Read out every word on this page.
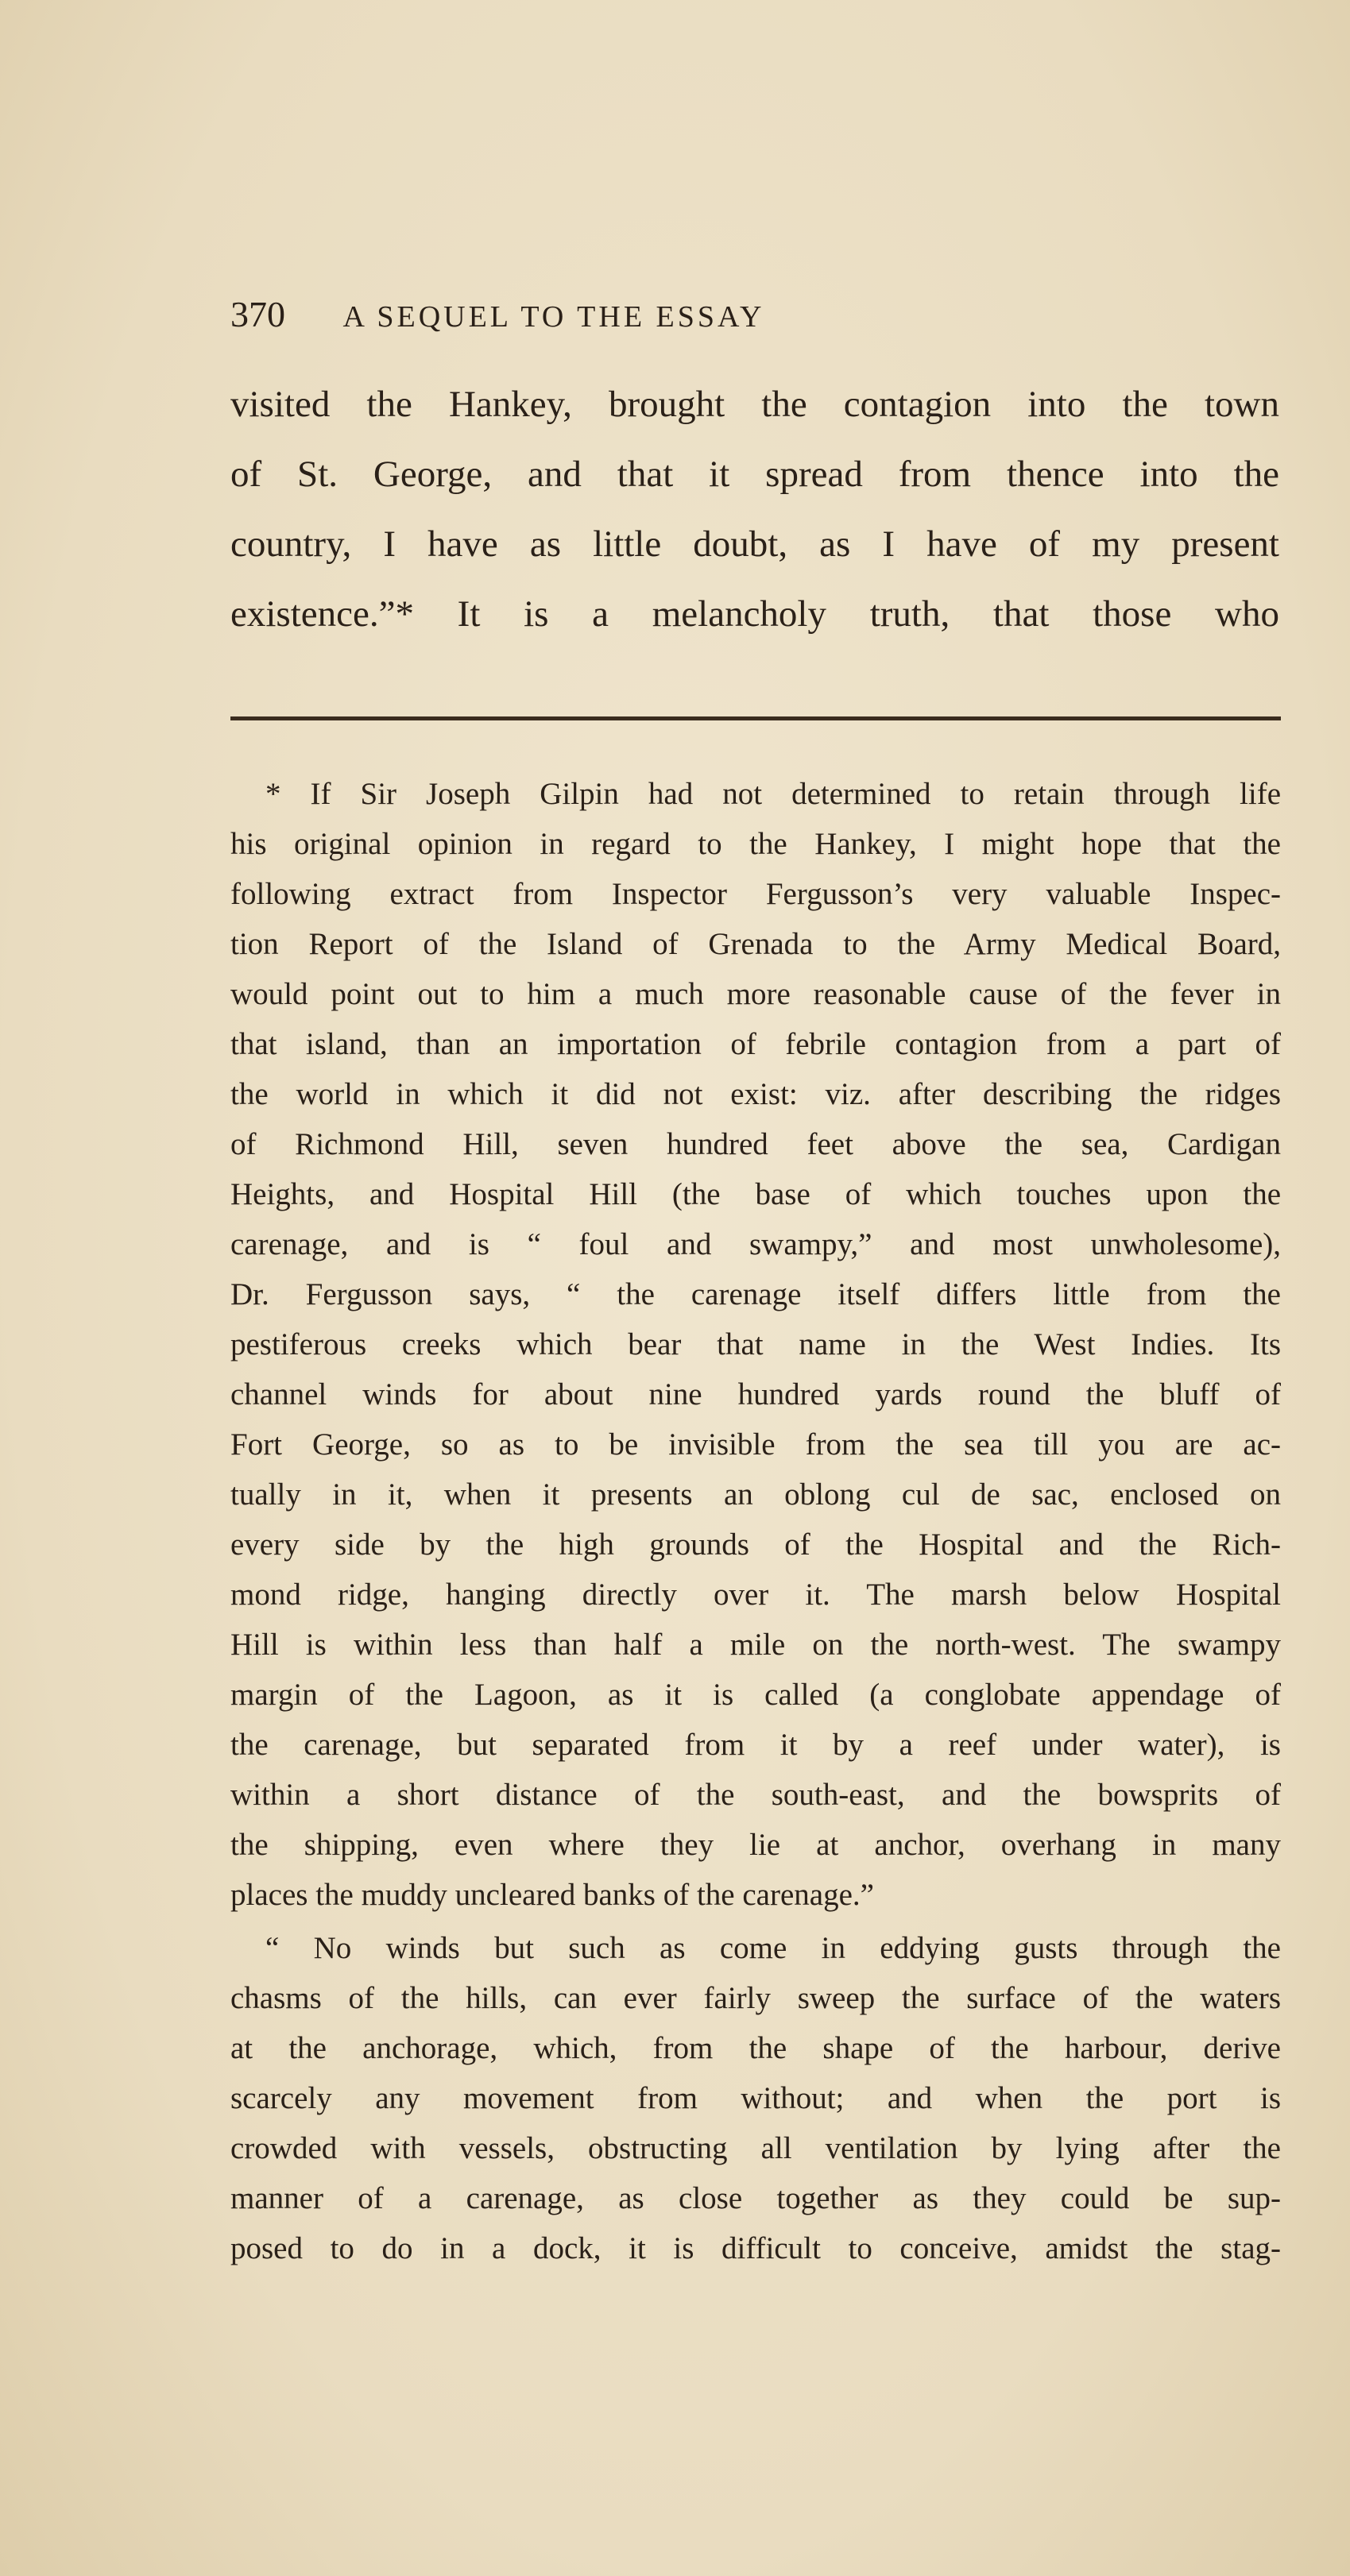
370 A SEQUEL TO THE ESSAY
visited the Hankey, brought the contagion into the town
of St. George, and that it spread from thence into the
country, I have as little doubt, as I have of my present
existence.”* It is a melancholy truth, that those who
* If Sir Joseph Gilpin had not determined to retain through life
his original opinion in regard to the Hankey, I might hope that the
following extract from Inspector Fergusson’s very valuable Inspec-
tion Report of the Island of Grenada to the Army Medical Board,
would point out to him a much more reasonable cause of the fever in
that island, than an importation of febrile contagion from a part of
the world in which it did not exist: viz. after describing the ridges
of Richmond Hill, seven hundred feet above the sea, Cardigan
Heights, and Hospital Hill (the base of which touches upon the
carenage, and is “ foul and swampy,” and most unwholesome),
Dr. Fergusson says, “ the carenage itself differs little from the
pestiferous creeks which bear that name in the West Indies. Its
channel winds for about nine hundred yards round the bluff of
Fort George, so as to be invisible from the sea till you are ac-
tually in it, when it presents an oblong cul de sac, enclosed on
every side by the high grounds of the Hospital and the Rich-
mond ridge, hanging directly over it. The marsh below Hospital
Hill is within less than half a mile on the north-west. The swampy
margin of the Lagoon, as it is called (a conglobate appendage of
the carenage, but separated from it by a reef under water), is
within a short distance of the south-east, and the bowsprits of
the shipping, even where they lie at anchor, overhang in many
places the muddy uncleared banks of the carenage.”
“ No winds but such as come in eddying gusts through the
chasms of the hills, can ever fairly sweep the surface of the waters
at the anchorage, which, from the shape of the harbour, derive
scarcely any movement from without; and when the port is
crowded with vessels, obstructing all ventilation by lying after the
manner of a carenage, as close together as they could be sup-
posed to do in a dock, it is difficult to conceive, amidst the stag-
